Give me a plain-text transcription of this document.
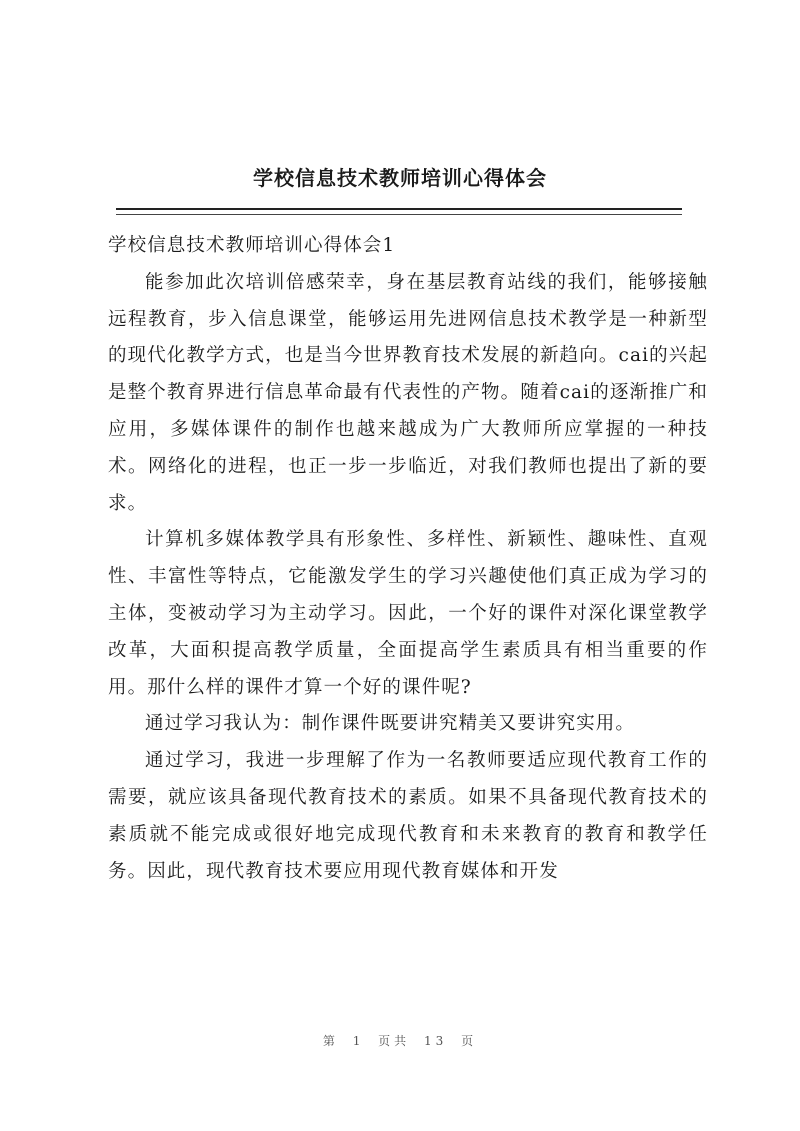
学校信息技术教师培训心得体会

学校信息技术教师培训心得体会1

能参加此次培训倍感荣幸，身在基层教育站线的我们，能够接触远程教育，步入信息课堂，能够运用先进网信息技术教学是一种新型的现代化教学方式，也是当今世界教育技术发展的新趋向。cai的兴起是整个教育界进行信息革命最有代表性的产物。随着cai的逐渐推广和应用，多媒体课件的制作也越来越成为广大教师所应掌握的一种技术。网络化的进程，也正一步一步临近，对我们教师也提出了新的要求。

计算机多媒体教学具有形象性、多样性、新颖性、趣味性、直观性、丰富性等特点，它能激发学生的学习兴趣使他们真正成为学习的主体，变被动学习为主动学习。因此，一个好的课件对深化课堂教学改革，大面积提高教学质量，全面提高学生素质具有相当重要的作用。那什么样的课件才算一个好的课件呢?

通过学习我认为：制作课件既要讲究精美又要讲究实用。

通过学习，我进一步理解了作为一名教师要适应现代教育工作的需要，就应该具备现代教育技术的素质。如果不具备现代教育技术的素质就不能完成或很好地完成现代教育和未来教育的教育和教学任务。因此，现代教育技术要应用现代教育媒体和开发

第 1 页共 13 页
